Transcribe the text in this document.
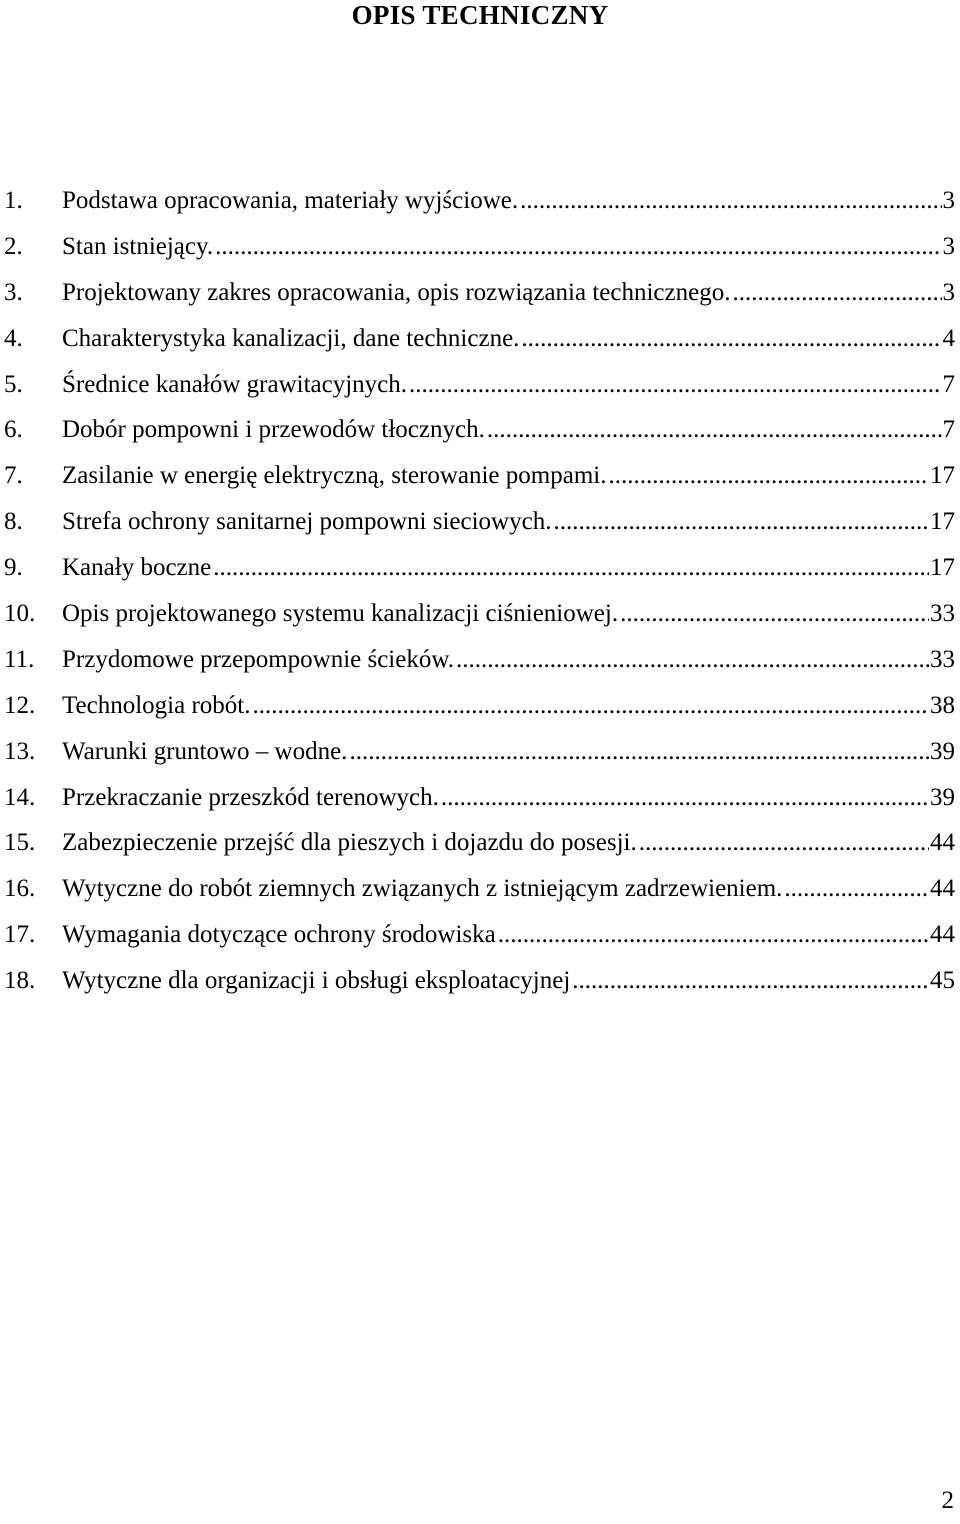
OPIS TECHNICZNY
1. Podstawa opracowania, materiały wyjściowe. .....	3
2. Stan istniejący. .....	3
3. Projektowany zakres opracowania, opis rozwiązania technicznego. .....	3
4. Charakterystyka kanalizacji, dane techniczne. .....	4
5. Średnice kanałów grawitacyjnych. .....	7
6. Dobór pompowni i przewodów tłocznych. .....	7
7. Zasilanie w energię elektryczną, sterowanie pompami. .....	17
8. Strefa ochrony sanitarnej pompowni sieciowych. .....	17
9. Kanały boczne .....	17
10. Opis projektowanego systemu kanalizacji ciśnieniowej. .....	33
11. Przydomowe przepompownie ścieków. .....	33
12. Technologia robót. .....	38
13. Warunki gruntowo – wodne. .....	39
14. Przekraczanie przeszkód terenowych. .....	39
15. Zabezpieczenie przejść dla pieszych i dojazdu do posesji. .....	44
16. Wytyczne do robót ziemnych związanych z istniejącym zadrzewieniem. .....	44
17. Wymagania dotyczące ochrony środowiska .....	44
18. Wytyczne dla organizacji i obsługi eksploatacyjnej .....	45
2
